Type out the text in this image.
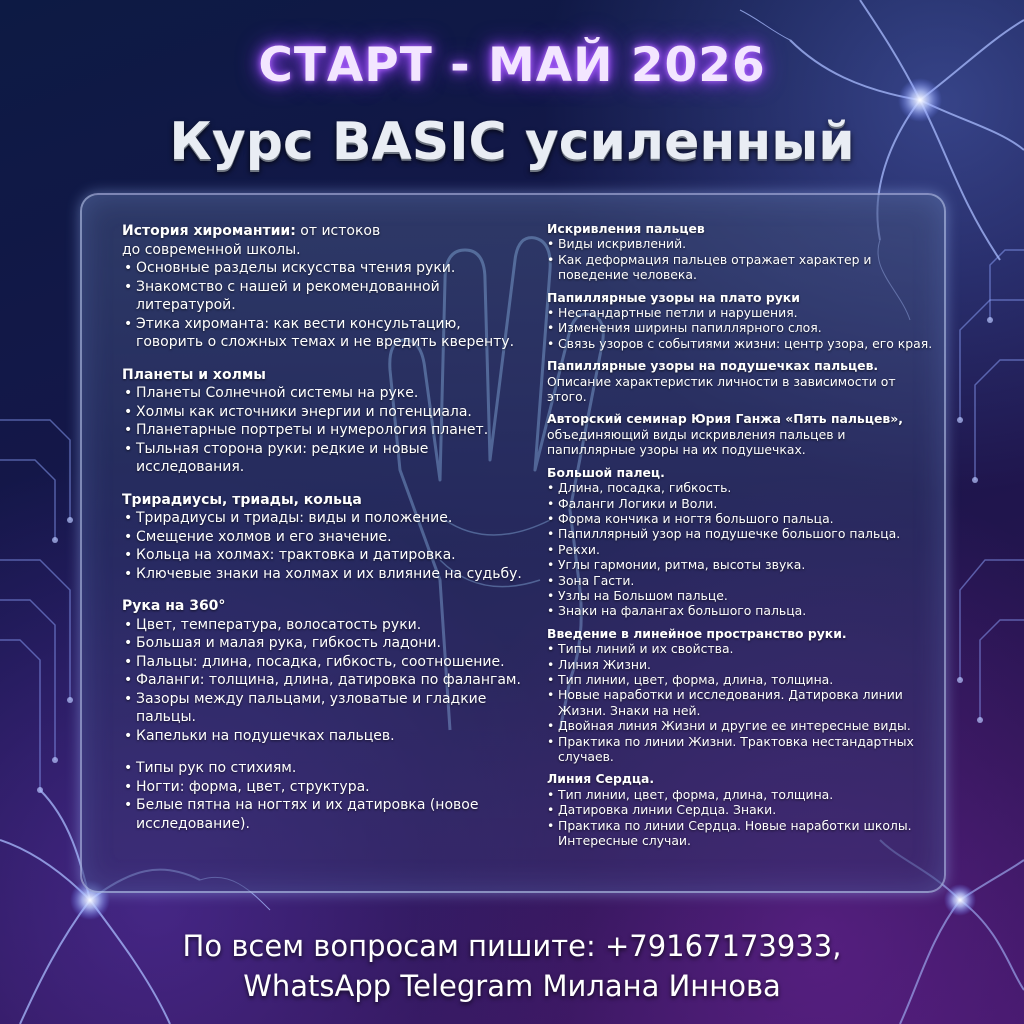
СТАРТ - МАЙ 2026
Курс BASIC усиленный
История хиромантии: от истоков
до современной школы.
• Основные разделы искусства чтения руки.
• Знакомство с нашей и рекомендованной литературой.
• Этика хироманта: как вести консультацию, говорить о сложных темах и не вредить кверенту.
Планеты и холмы
• Планеты Солнечной системы на руке.
• Холмы как источники энергии и потенциала.
• Планетарные портреты и нумерология планет.
• Тыльная сторона руки: редкие и новые исследования.
Трирадиусы, триады, кольца
• Трирадиусы и триады: виды и положение.
• Смещение холмов и его значение.
• Кольца на холмах: трактовка и датировка.
• Ключевые знаки на холмах и их влияние на судьбу.
Рука на 360°
• Цвет, температура, волосатость руки.
• Большая и малая рука, гибкость ладони.
• Пальцы: длина, посадка, гибкость, соотношение.
• Фаланги: толщина, длина, датировка по фалангам.
• Зазоры между пальцами, узловатые и гладкие пальцы.
• Капельки на подушечках пальцев.
• Типы рук по стихиям.
• Ногти: форма, цвет, структура.
• Белые пятна на ногтях и их датировка (новое исследование).
Искривления пальцев
• Виды искривлений.
• Как деформация пальцев отражает характер и поведение человека.
Папиллярные узоры на плато руки
• Нестандартные петли и нарушения.
• Изменения ширины папиллярного слоя.
• Связь узоров с событиями жизни: центр узора, его края.
Папиллярные узоры на подушечках пальцев.
Описание характеристик личности в зависимости от этого.
Авторский семинар Юрия Ганжа «Пять пальцев»,
объединяющий виды искривления пальцев и папиллярные узоры на их подушечках.
Большой палец.
• Длина, посадка, гибкость.
• Фаланги Логики и Воли.
• Форма кончика и ногтя большого пальца.
• Папиллярный узор на подушечке большого пальца.
• Рекхи.
• Углы гармонии, ритма, высоты звука.
• Зона Гасти.
• Узлы на Большом пальце.
• Знаки на фалангах большого пальца.
Введение в линейное пространство руки.
• Типы линий и их свойства.
• Линия Жизни.
• Тип линии, цвет, форма, длина, толщина.
• Новые наработки и исследования. Датировка линии Жизни. Знаки на ней.
• Двойная линия Жизни и другие ее интересные виды.
• Практика по линии Жизни. Трактовка нестандартных случаев.
Линия Сердца.
• Тип линии, цвет, форма, длина, толщина.
• Датировка линии Сердца. Знаки.
• Практика по линии Сердца. Новые наработки школы. Интересные случаи.
По всем вопросам пишите: +79167173933,
WhatsApp Telegram Милана Иннова
